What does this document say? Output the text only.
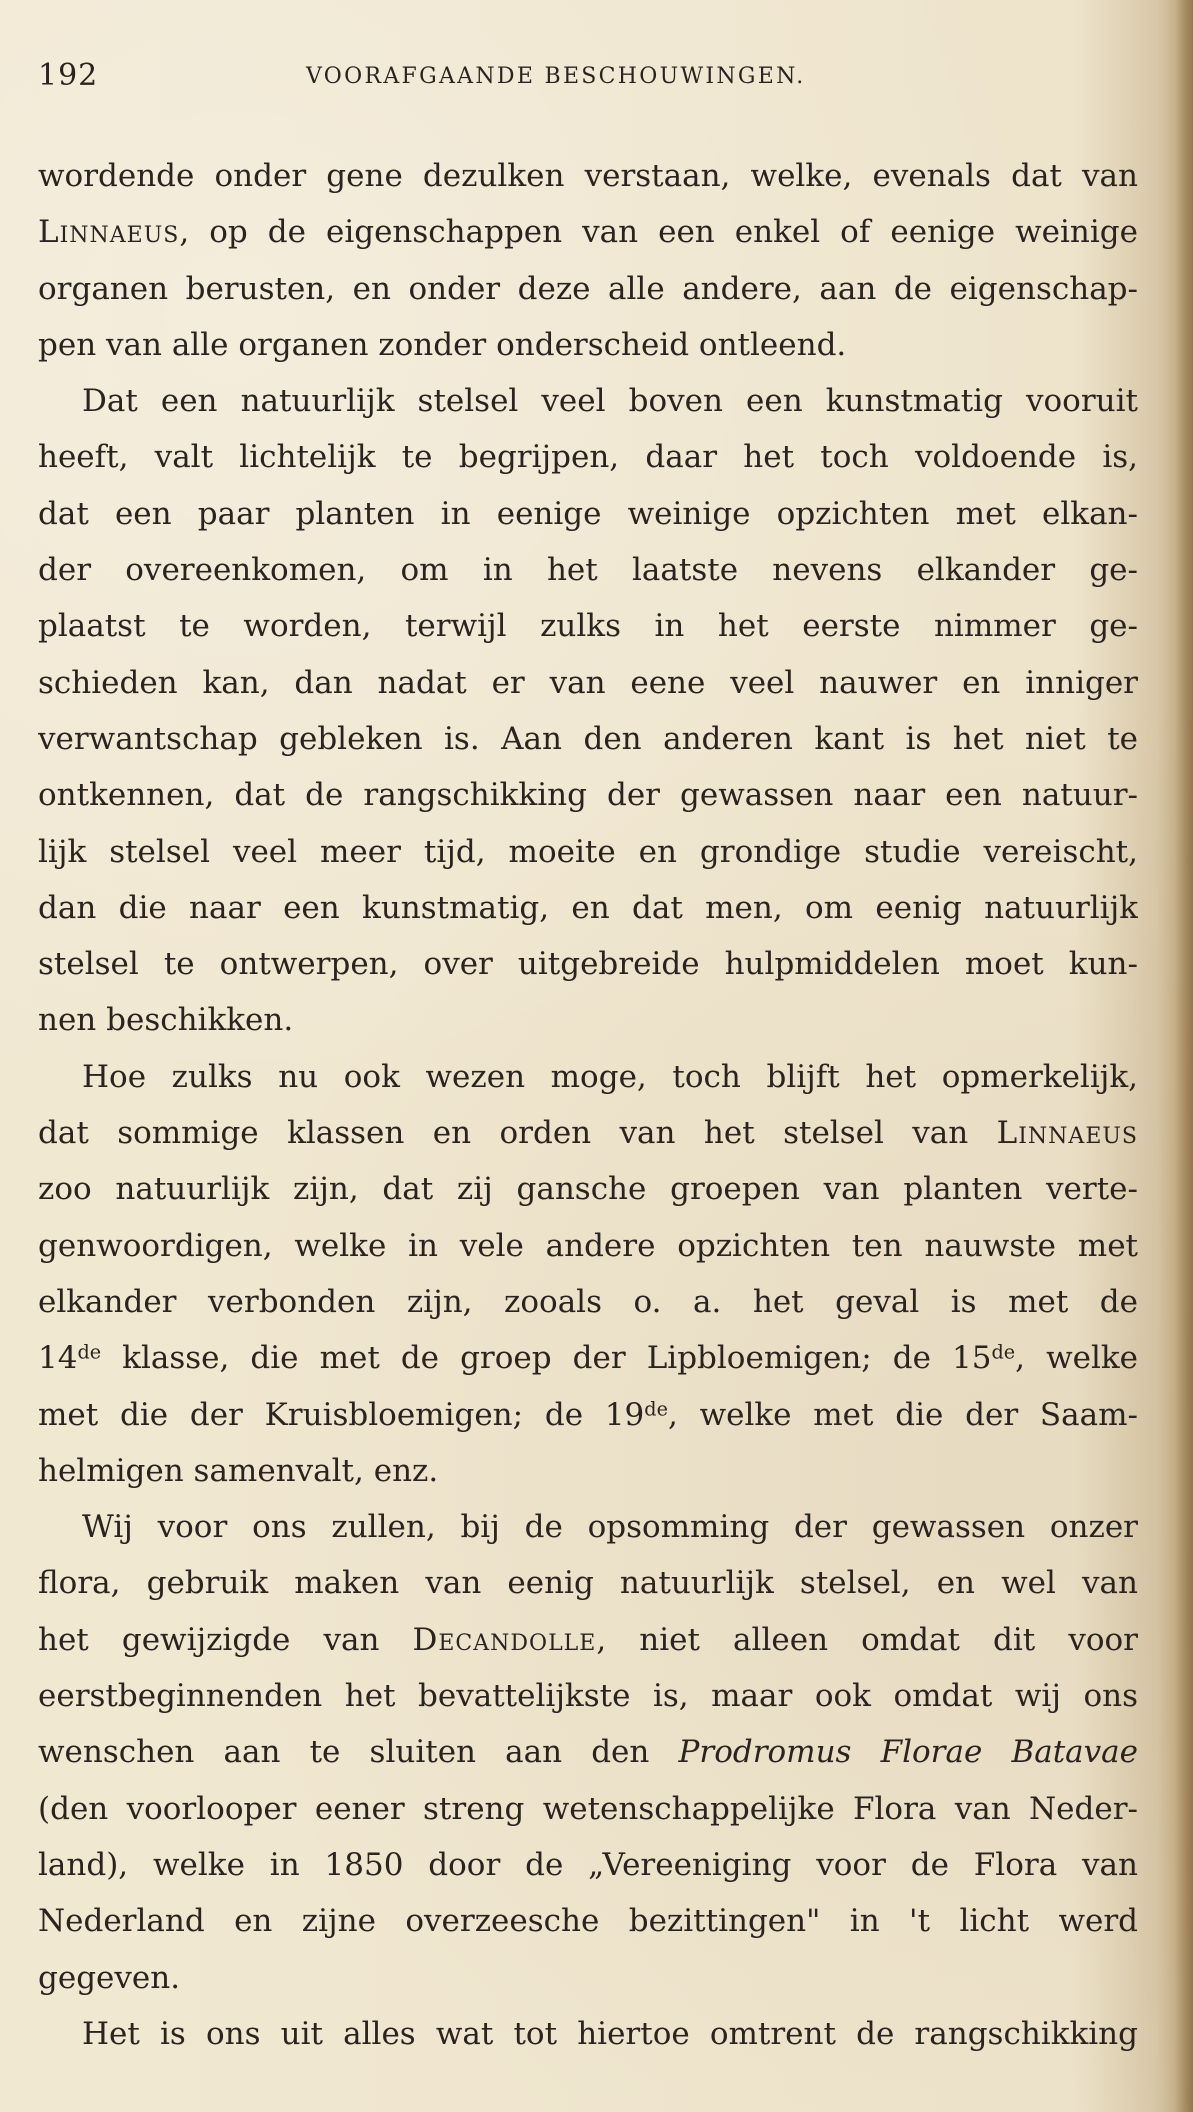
192	VOORAFGAANDE BESCHOUWINGEN.
wordende onder gene dezulken verstaan, welke, evenals dat van
Linnaeus, op de eigenschappen van een enkel of eenige weinige
organen berusten, en onder deze alle andere, aan de eigenschap-
pen van alle organen zonder onderscheid ontleend.
Dat een natuurlijk stelsel veel boven een kunstmatig vooruit
heeft, valt lichtelijk te begrijpen, daar het toch voldoende is,
dat een paar planten in eenige weinige opzichten met elkan-
der overeenkomen, om in het laatste nevens elkander ge-
plaatst te worden, terwijl zulks in het eerste nimmer ge-
schieden kan, dan nadat er van eene veel nauwer en inniger
verwantschap gebleken is. Aan den anderen kant is het niet te
ontkennen, dat de rangschikking der gewassen naar een natuur-
lijk stelsel veel meer tijd, moeite en grondige studie vereischt,
dan die naar een kunstmatig, en dat men, om eenig natuurlijk
stelsel te ontwerpen, over uitgebreide hulpmiddelen moet kun-
nen beschikken.
Hoe zulks nu ook wezen moge, toch blijft het opmerkelijk,
dat sommige klassen en orden van het stelsel van Linnaeus
zoo natuurlijk zijn, dat zij gansche groepen van planten verte-
genwoordigen, welke in vele andere opzichten ten nauwste met
elkander verbonden zijn, zooals o. a. het geval is met de
14de klasse, die met de groep der Lipbloemigen; de 15de, welke
met die der Kruisbloemigen; de 19de, welke met die der Saam-
helmigen samenvalt, enz.
Wij voor ons zullen, bij de opsomming der gewassen onzer
flora, gebruik maken van eenig natuurlijk stelsel, en wel van
het gewijzigde van Decandolle, niet alleen omdat dit voor
eerstbeginnenden het bevattelijkste is, maar ook omdat wij ons
wenschen aan te sluiten aan den Prodromus Florae Batavae
(den voorlooper eener streng wetenschappelijke Flora van Neder-
land), welke in 1850 door de „Vereeniging voor de Flora van
Nederland en zijne overzeesche bezittingen" in 't licht werd
gegeven.
Het is ons uit alles wat tot hiertoe omtrent de rangschikking
